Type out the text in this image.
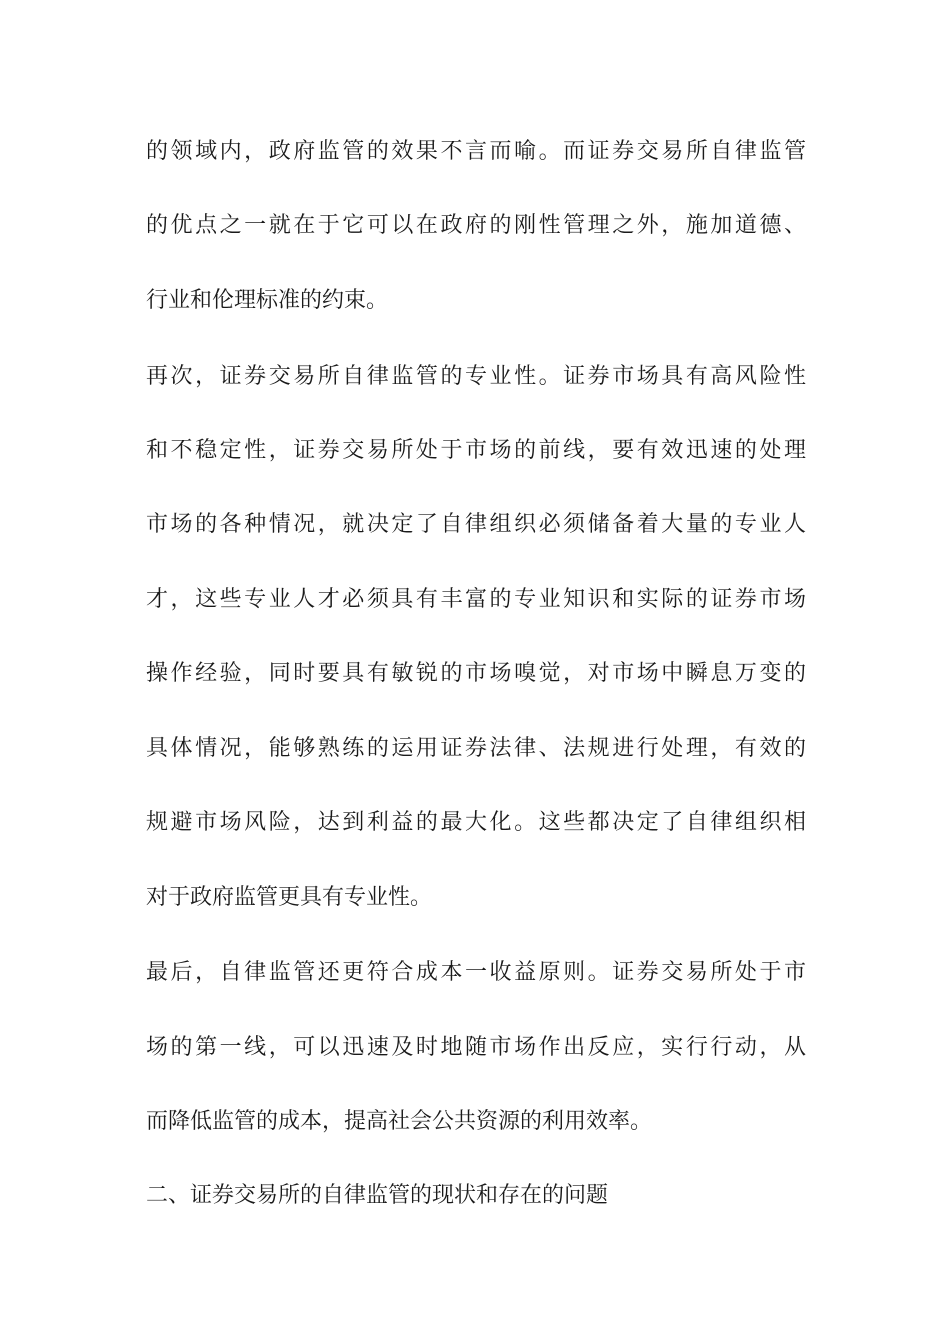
的领域内，政府监管的效果不言而喻。而证券交易所自律监管
的优点之一就在于它可以在政府的刚性管理之外，施加道德、
行业和伦理标准的约束。
再次，证券交易所自律监管的专业性。证券市场具有高风险性
和不稳定性，证券交易所处于市场的前线，要有效迅速的处理
市场的各种情况，就决定了自律组织必须储备着大量的专业人
才，这些专业人才必须具有丰富的专业知识和实际的证券市场
操作经验，同时要具有敏锐的市场嗅觉，对市场中瞬息万变的
具体情况，能够熟练的运用证券法律、法规进行处理，有效的
规避市场风险，达到利益的最大化。这些都决定了自律组织相
对于政府监管更具有专业性。
最后，自律监管还更符合成本一收益原则。证券交易所处于市
场的第一线，可以迅速及时地随市场作出反应，实行行动，从
而降低监管的成本，提高社会公共资源的利用效率。
二、证券交易所的自律监管的现状和存在的问题
